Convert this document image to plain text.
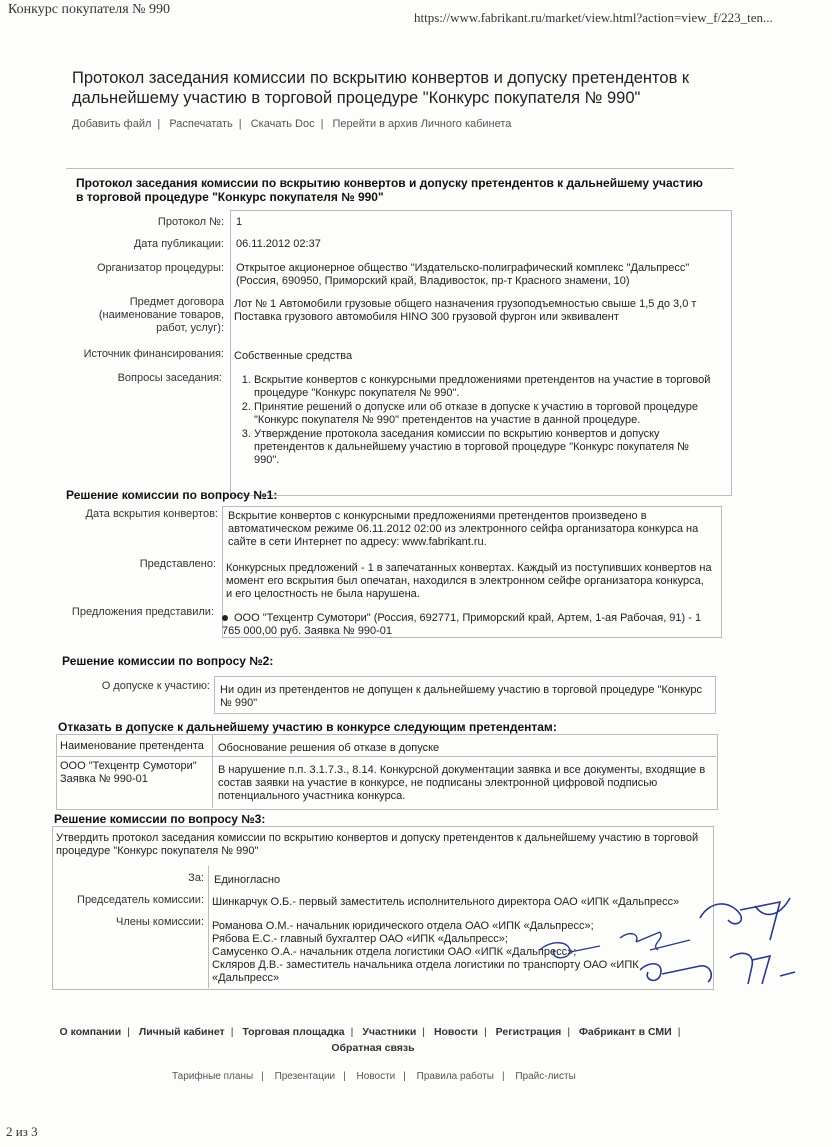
Конкурс покупателя № 990
https://www.fabrikant.ru/market/view.html?action=view_f/223_ten...
Протокол заседания комиссии по вскрытию конвертов и допуску претендентов к дальнейшему участию в торговой процедуре "Конкурс покупателя № 990"
Добавить файл | Распечатать | Скачать Doc | Перейти в архив Личного кабинета
Протокол заседания комиссии по вскрытию конвертов и допуску претендентов к дальнейшему участию в торговой процедуре "Конкурс покупателя № 990"
Протокол №: 1
Дата публикации: 06.11.2012 02:37
Организатор процедуры: Открытое акционерное общество "Издательско-полиграфический комплекс "Дальпресс" (Россия, 690950, Приморский край, Владивосток, пр-т Красного знамени, 10)
Предмет договора (наименование товаров, работ, услуг):
Лот № 1 Автомобили грузовые общего назначения грузоподъемностью свыше 1,5 до 3,0 т Поставка грузового автомобиля HINO 300 грузовой фургон или эквивалент
Источник финансирования: Собственные средства
Вопросы заседания:
1.	Вскрытие конвертов с конкурсными предложениями претендентов на участие в торговой процедуре "Конкурс покупателя № 990".
2. Принятие решений о допуске или об отказе в допуске к участию в торговой процедуре "Конкурс покупателя № 990" претендентов на участие в данной процедуре.
3. Утверждение протокола заседания комиссии по вскрытию конвертов и допуску претендентов к дальнейшему участию в торговой процедуре "Конкурс покупателя № 990".
Решение комиссии по вопросу №1:
Дата вскрытия конвертов: Вскрытие конвертов с конкурсными предложениями претендентов произведено в автоматическом режиме 06.11.2012 02:00 из электронного сейфа организатора конкурса на сайте в сети Интернет по адресу: www.fabrikant.ru.
Представлено: Конкурсных предложений - 1 в запечатанных конвертах. Каждый из поступивших конвертов на момент его вскрытия был опечатан, находился в электронном сейфе организатора конкурса, и его целостность не была нарушена.
Предложения представили:	ООО "Техцентр Сумотори" (Россия, 692771, Приморский край, Артем, 1-ая Рабочая, 91) - 1 765 000,00 руб. Заявка № 990-01
Решение комиссии по вопросу №2:
О допуске к участию: Ни один из претендентов не допущен к дальнейшему участию в торговой процедуре "Конкурс № 990"
Отказать в допуске к дальнейшему участию в конкурсе следующим претендентам:
Наименование претендента	Обоснование решения об отказе в допуске
ООО "Техцентр Сумотори" Заявка № 990-01
В нарушение п.п. 3.1.7.3., 8.14. Конкурсной документации заявка и все документы, входящие в состав заявки на участие в конкурсе, не подписаны электронной цифровой подписью потенциального участника конкурса.
Решение комиссии по вопросу №3:
Утвердить протокол заседания комиссии по вскрытию конвертов и допуску претендентов к дальнейшему участию в торговой процедуре "Конкурс покупателя № 990"
За: Единогласно
Председатель комиссии: Шинкарчук О.Б.- первый заместитель исполнительного директора ОАО «ИПК «Дальпресс»
Члены комиссии: Романова О.М.- начальник юридического отдела ОАО «ИПК «Дальпресс»;
Рябова Е.С.- главный бухгалтер ОАО «ИПК «Дальпресс»;
Самусенко О.А.- начальник отдела логистики ОАО «ИПК «Дальпресс»;
Скляров Д.В.- заместитель начальника отдела логистики по транспорту ОАО «ИПК «Дальпресс»
О компании | Личный кабинет | Торговая площадка | Участники | Новости | Регистрация | Фабрикант в СМИ |
Обратная связь
Тарифные планы | Презентации | Новости | Правила работы | Прайс-листы
2 из 3
